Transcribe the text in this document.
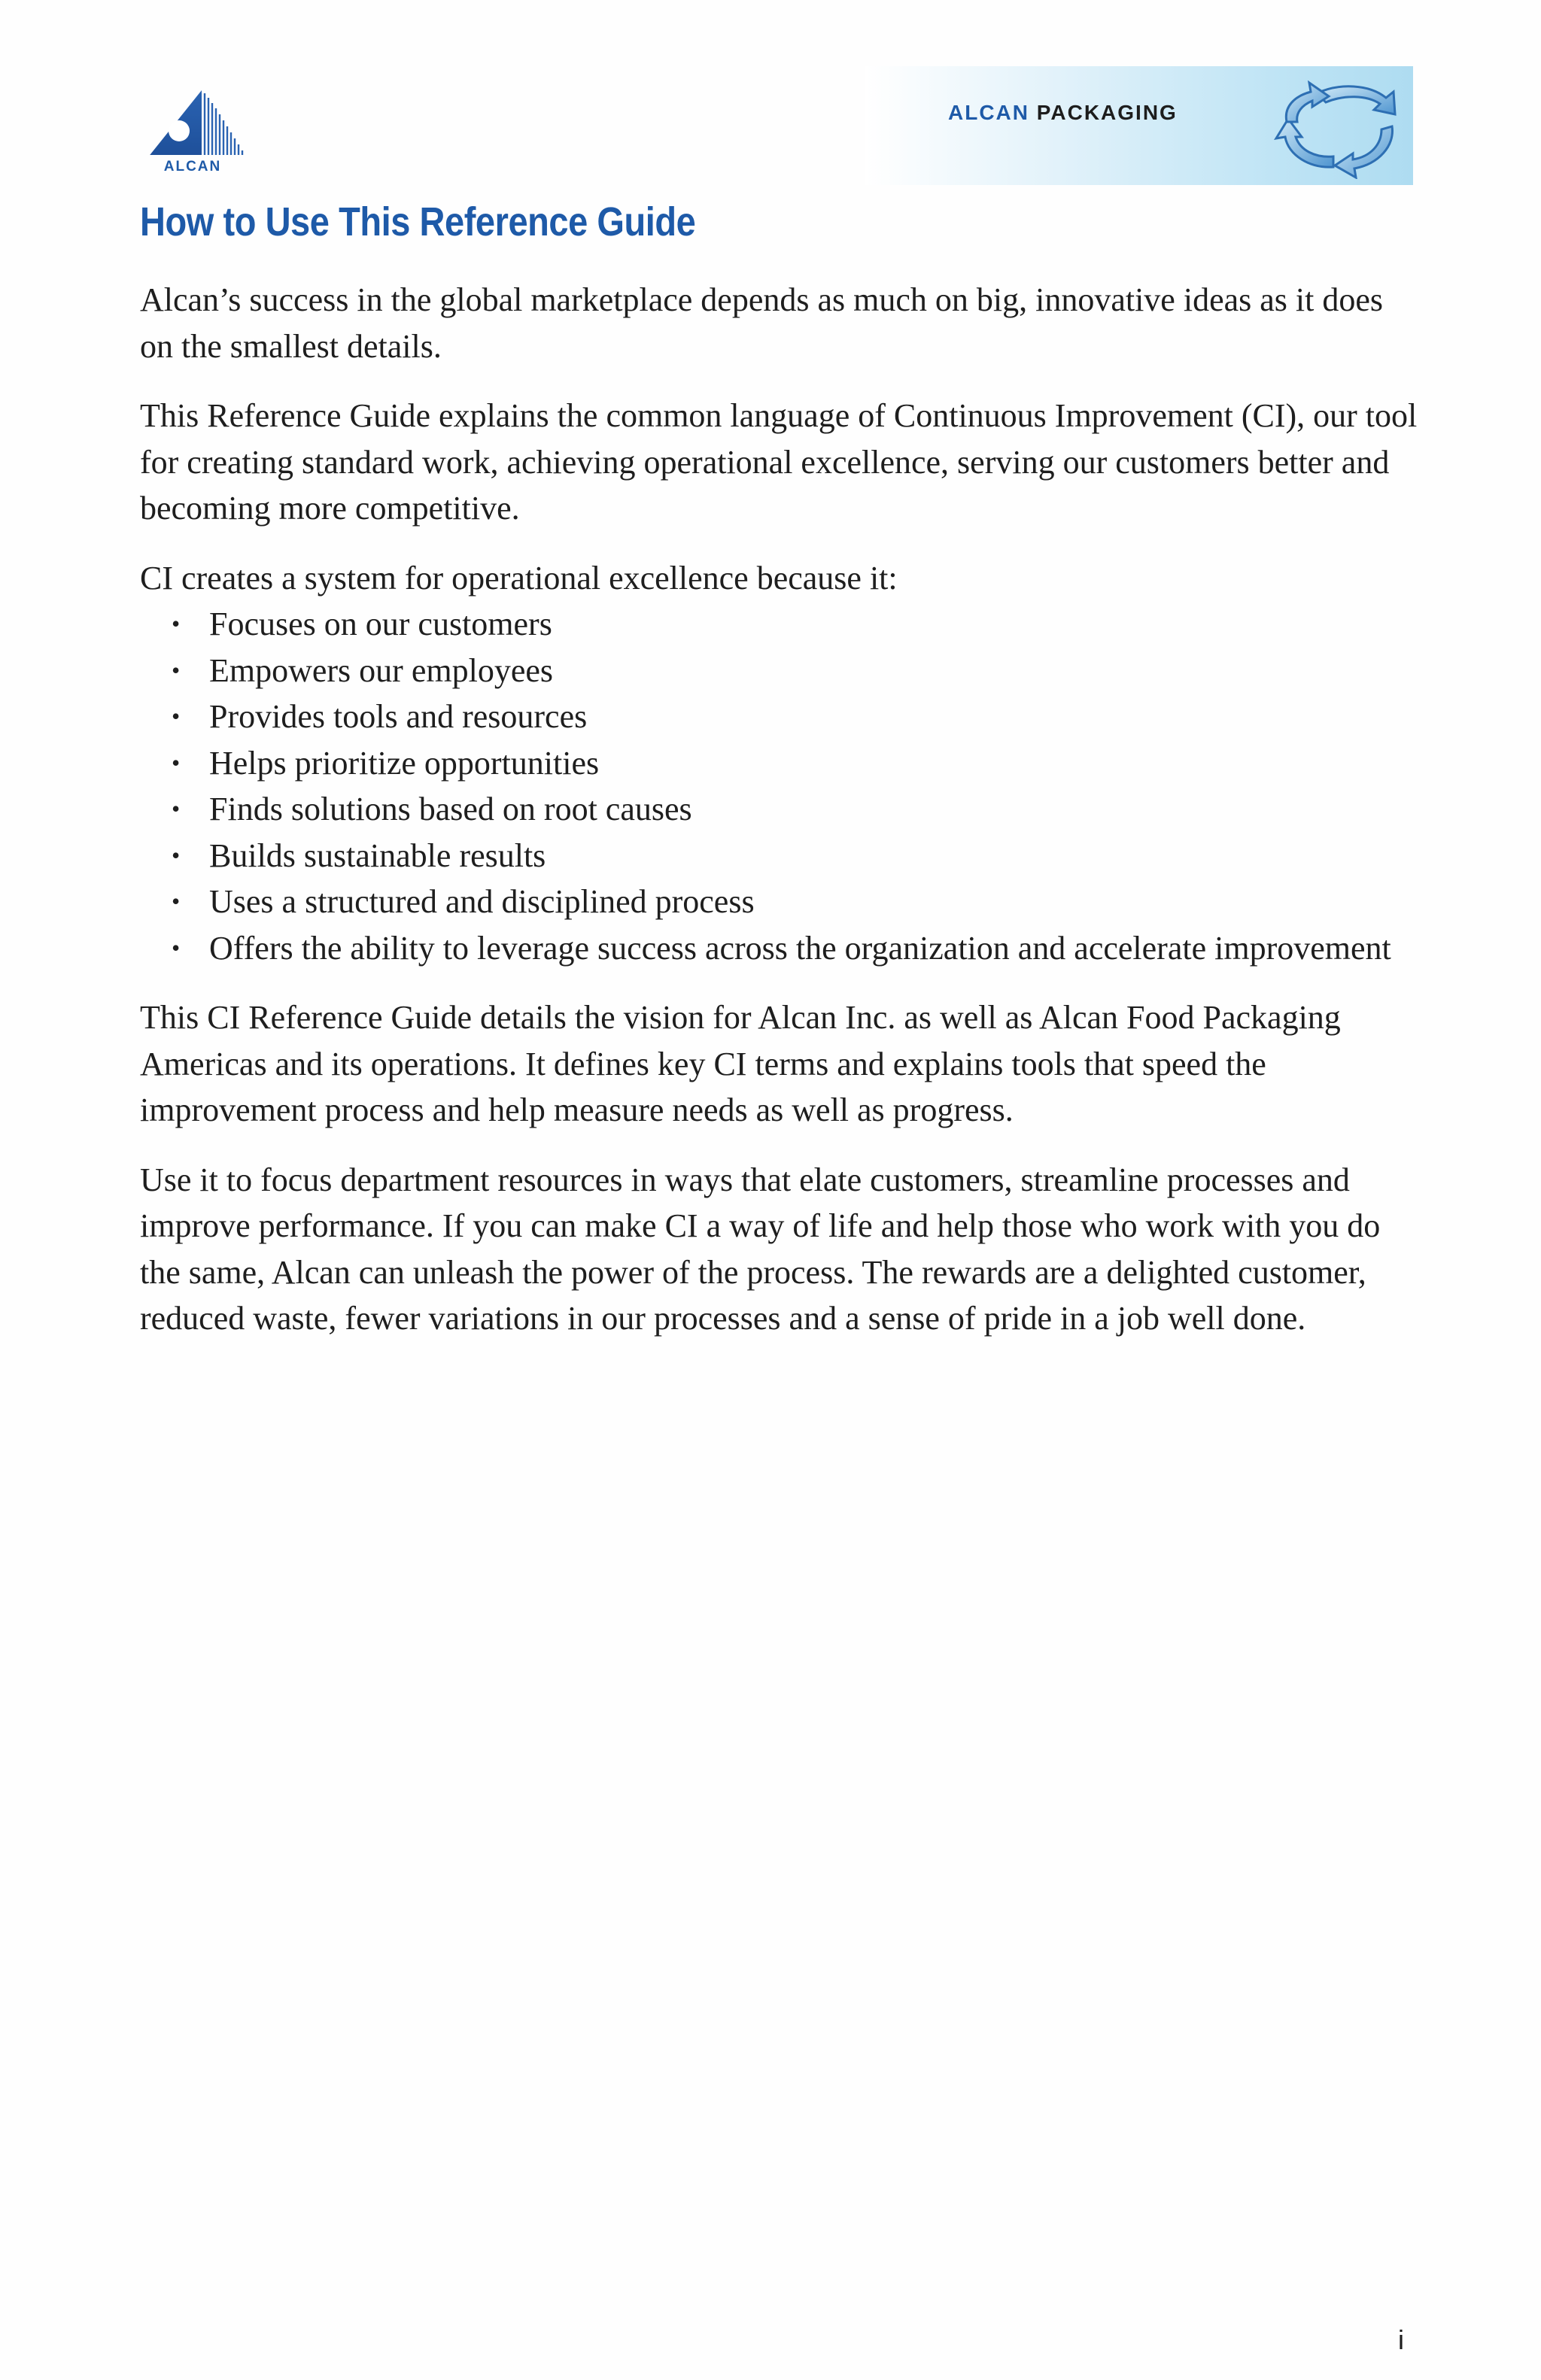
ALCAN
ALCAN PACKAGING
How to Use This Reference Guide

Alcan’s success in the global marketplace depends as much on big, innovative ideas as it does on the smallest details.

This Reference Guide explains the common language of Continuous Improvement (CI), our tool for creating standard work, achieving operational excellence, serving our customers better and becoming more competitive.

CI creates a system for operational excellence because it:

• Focuses on our customers
• Empowers our employees
• Provides tools and resources
• Helps prioritize opportunities
• Finds solutions based on root causes
• Builds sustainable results
• Uses a structured and disciplined process
• Offers the ability to leverage success across the organization and accelerate improvement

This CI Reference Guide details the vision for Alcan Inc. as well as Alcan Food Packaging Americas and its operations. It defines key CI terms and explains tools that speed the improvement process and help measure needs as well as progress.

Use it to focus department resources in ways that elate customers, streamline processes and improve performance. If you can make CI a way of life and help those who work with you do the same, Alcan can unleash the power of the process. The rewards are a delighted customer, reduced waste, fewer variations in our processes and a sense of pride in a job well done.

i
